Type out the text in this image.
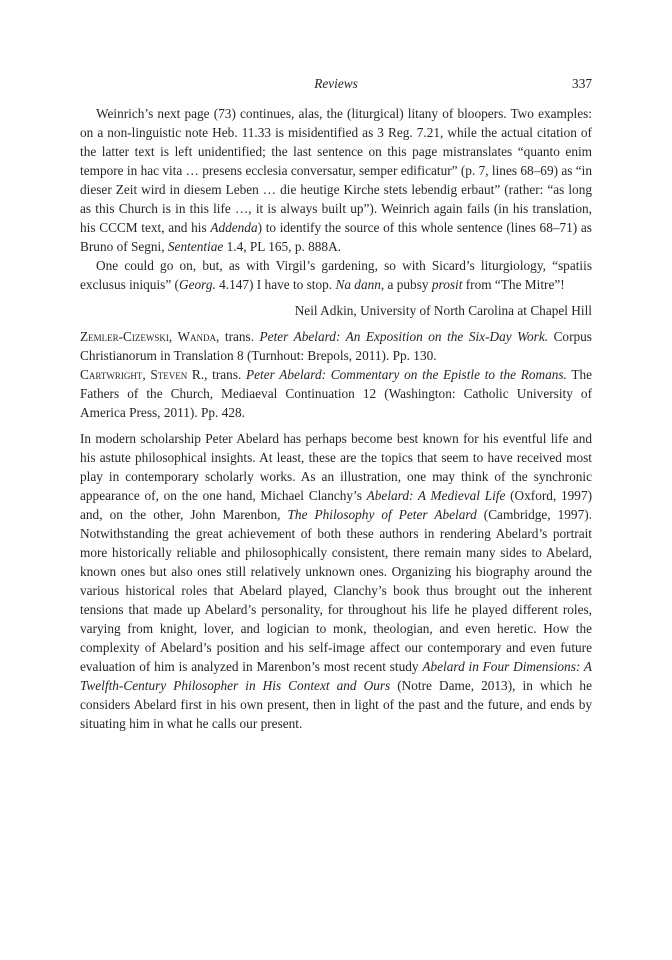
Reviews	337

Weinrich’s next page (73) continues, alas, the (liturgical) litany of bloopers. Two examples: on a non-linguistic note Heb. 11.33 is misidentified as 3 Reg. 7.21, while the actual citation of the latter text is left unidentified; the last sentence on this page mistranslates “quanto enim tempore in hac vita … presens ecclesia conversatur, semper edificatur” (p. 7, lines 68–69) as “in dieser Zeit wird in diesem Leben … die heutige Kirche stets lebendig erbaut” (rather: “as long as this Church is in this life …, it is always built up”). Weinrich again fails (in his translation, his CCCM text, and his Addenda) to identify the source of this whole sentence (lines 68–71) as Bruno of Segni, Sententiae 1.4, PL 165, p. 888A.

One could go on, but, as with Virgil’s gardening, so with Sicard’s liturgiology, “spatiis exclusus iniquis” (Georg. 4.147) I have to stop. Na dann, a pubsy prosit from “The Mitre”!

Neil Adkin, University of North Carolina at Chapel Hill

Zemler-Cizewski, Wanda, trans. Peter Abelard: An Exposition on the Six-Day Work. Corpus Christianorum in Translation 8 (Turnhout: Brepols, 2011). Pp. 130.

Cartwright, Steven R., trans. Peter Abelard: Commentary on the Epistle to the Romans. The Fathers of the Church, Mediaeval Continuation 12 (Washington: Catholic University of America Press, 2011). Pp. 428.

In modern scholarship Peter Abelard has perhaps become best known for his eventful life and his astute philosophical insights. At least, these are the topics that seem to have received most play in contemporary scholarly works. As an illustration, one may think of the synchronic appearance of, on the one hand, Michael Clanchy’s Abelard: A Medieval Life (Oxford, 1997) and, on the other, John Marenbon, The Philosophy of Peter Abelard (Cambridge, 1997). Notwithstanding the great achievement of both these authors in rendering Abelard’s portrait more historically reliable and philosophically consistent, there remain many sides to Abelard, known ones but also ones still relatively unknown ones. Organizing his biography around the various historical roles that Abelard played, Clanchy’s book thus brought out the inherent tensions that made up Abelard’s personality, for throughout his life he played different roles, varying from knight, lover, and logician to monk, theologian, and even heretic. How the complexity of Abelard’s position and his self-image affect our contemporary and even future evaluation of him is analyzed in Marenbon’s most recent study Abelard in Four Dimensions: A Twelfth-Century Philosopher in His Context and Ours (Notre Dame, 2013), in which he considers Abelard first in his own present, then in light of the past and the future, and ends by situating him in what he calls our present.
